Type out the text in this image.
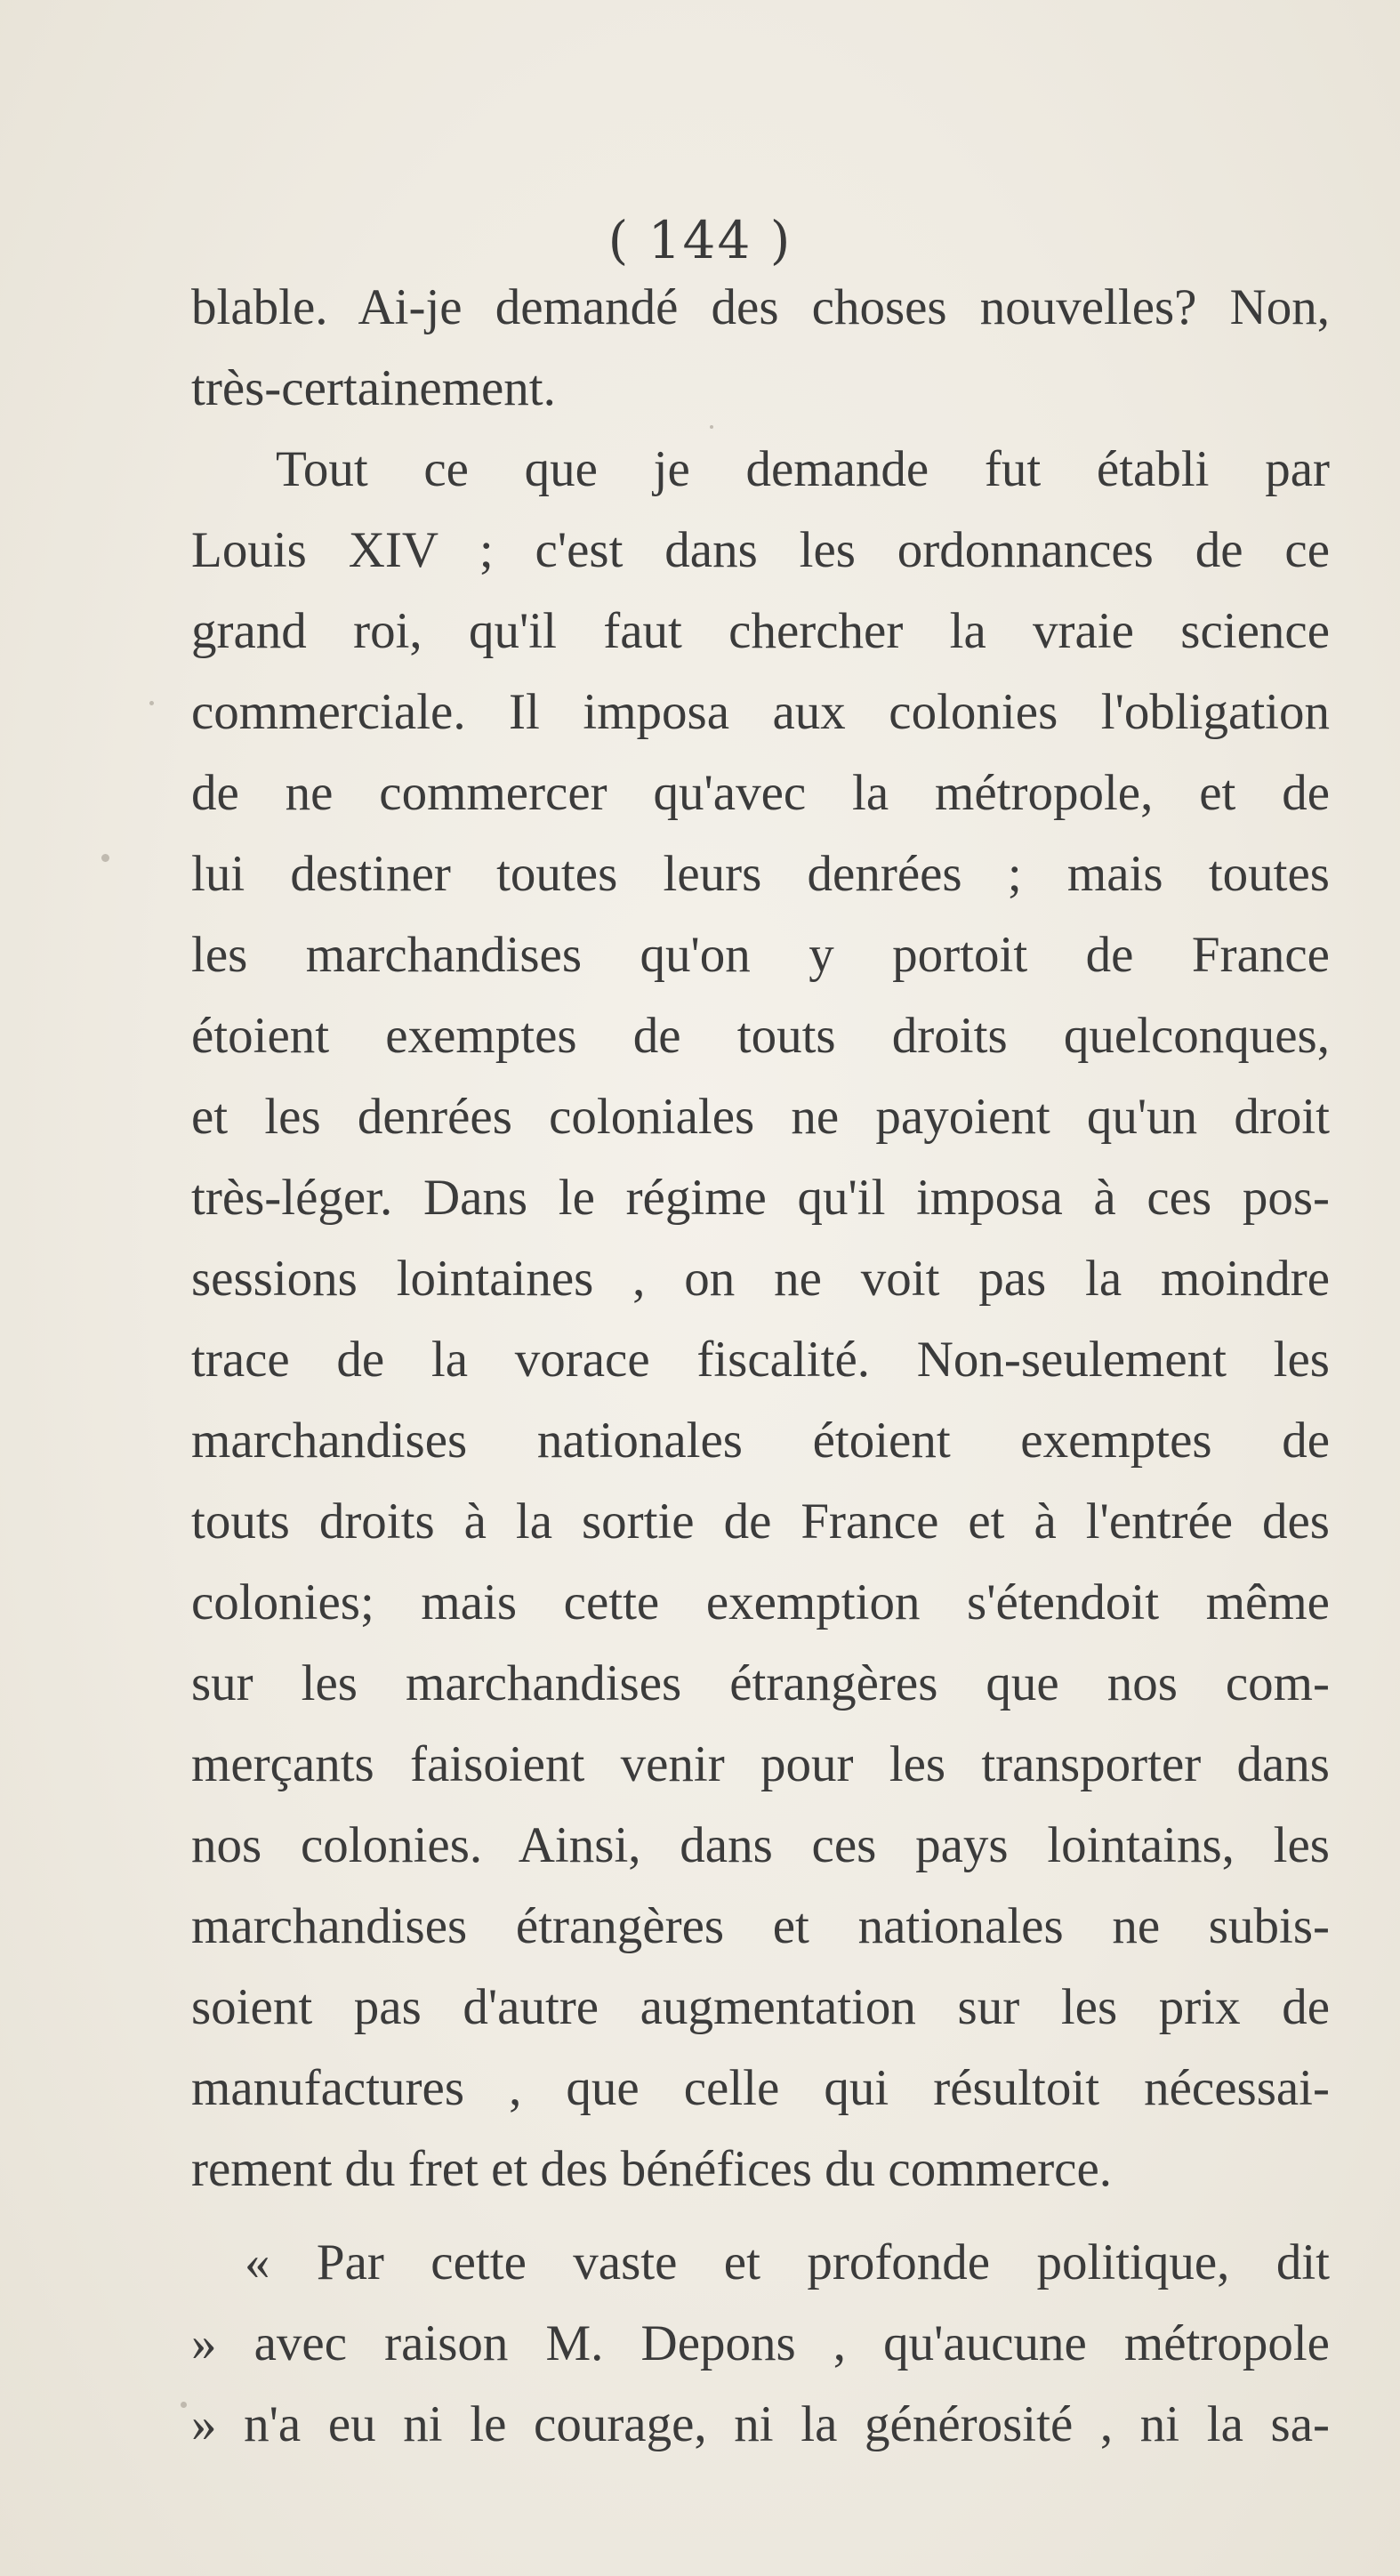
( 144 )
blable. Ai-je demandé des choses nouvelles? Non,
très-certainement.
Tout ce que je demande fut établi par
Louis XIV ; c'est dans les ordonnances de ce
grand roi, qu'il faut chercher la vraie science
commerciale. Il imposa aux colonies l'obligation
de ne commercer qu'avec la métropole, et de
lui destiner toutes leurs denrées ; mais toutes
les marchandises qu'on y portoit de France
étoient exemptes de touts droits quelconques,
et les denrées coloniales ne payoient qu'un droit
très-léger. Dans le régime qu'il imposa à ces pos-
sessions lointaines , on ne voit pas la moindre
trace de la vorace fiscalité. Non-seulement les
marchandises nationales étoient exemptes de
touts droits à la sortie de France et à l'entrée des
colonies; mais cette exemption s'étendoit même
sur les marchandises étrangères que nos com-
merçants faisoient venir pour les transporter dans
nos colonies. Ainsi, dans ces pays lointains, les
marchandises étrangères et nationales ne subis-
soient pas d'autre augmentation sur les prix de
manufactures , que celle qui résultoit nécessai-
rement du fret et des bénéfices du commerce.
« Par cette vaste et profonde politique, dit
» avec raison M. Depons , qu'aucune métropole
» n'a eu ni le courage, ni la générosité , ni la sa-
